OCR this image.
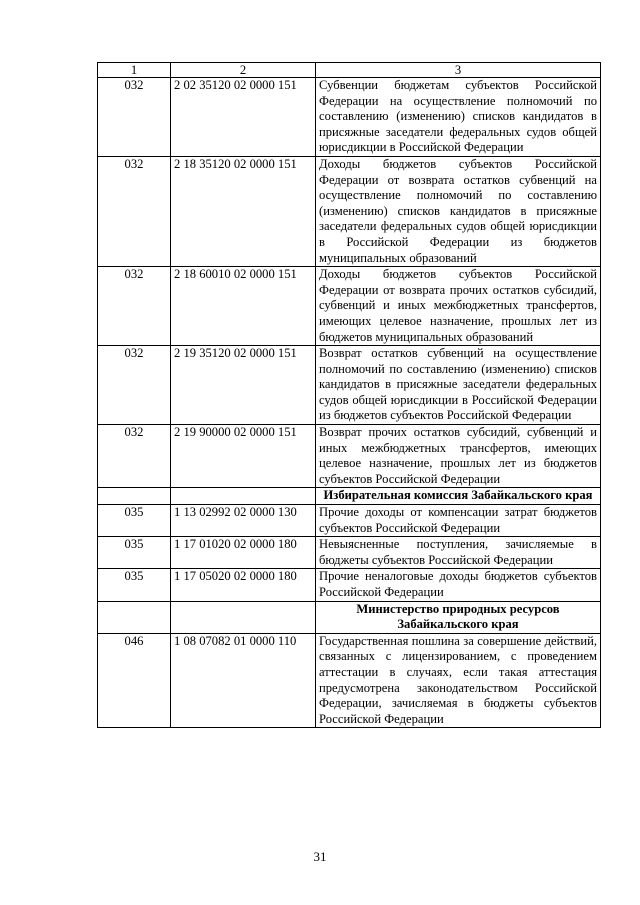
1	2	3
032	2 02 35120 02 0000 151	Субвенции бюджетам субъектов Российской Федерации на осуществление полномочий по составлению (изменению) списков кандидатов в присяжные заседатели федеральных судов общей юрисдикции в Российской Федерации
032	2 18 35120 02 0000 151	Доходы бюджетов субъектов Российской Федерации от возврата остатков субвенций на осуществление полномочий по составлению (изменению) списков кандидатов в присяжные заседатели федеральных судов общей юрисдикции в Российской Федерации из бюджетов муниципальных образований
032	2 18 60010 02 0000 151	Доходы бюджетов субъектов Российской Федерации от возврата прочих остатков субсидий, субвенций и иных межбюджетных трансфертов, имеющих целевое назначение, прошлых лет из бюджетов муниципальных образований
032	2 19 35120 02 0000 151	Возврат остатков субвенций на осуществление полномочий по составлению (изменению) списков кандидатов в присяжные заседатели федеральных судов общей юрисдикции в Российской Федерации из бюджетов субъектов Российской Федерации
032	2 19 90000 02 0000 151	Возврат прочих остатков субсидий, субвенций и иных межбюджетных трансфертов, имеющих целевое назначение, прошлых лет из бюджетов субъектов Российской Федерации
		Избирательная комиссия Забайкальского края
035	1 13 02992 02 0000 130	Прочие доходы от компенсации затрат бюджетов субъектов Российской Федерации
035	1 17 01020 02 0000 180	Невыясненные поступления, зачисляемые в бюджеты субъектов Российской Федерации
035	1 17 05020 02 0000 180	Прочие неналоговые доходы бюджетов субъектов Российской Федерации
		Министерство природных ресурсов Забайкальского края
046	1 08 07082 01 0000 110	Государственная пошлина за совершение действий, связанных с лицензированием, с проведением аттестации в случаях, если такая аттестация предусмотрена законодательством Российской Федерации, зачисляемая в бюджеты субъектов Российской Федерации
31
